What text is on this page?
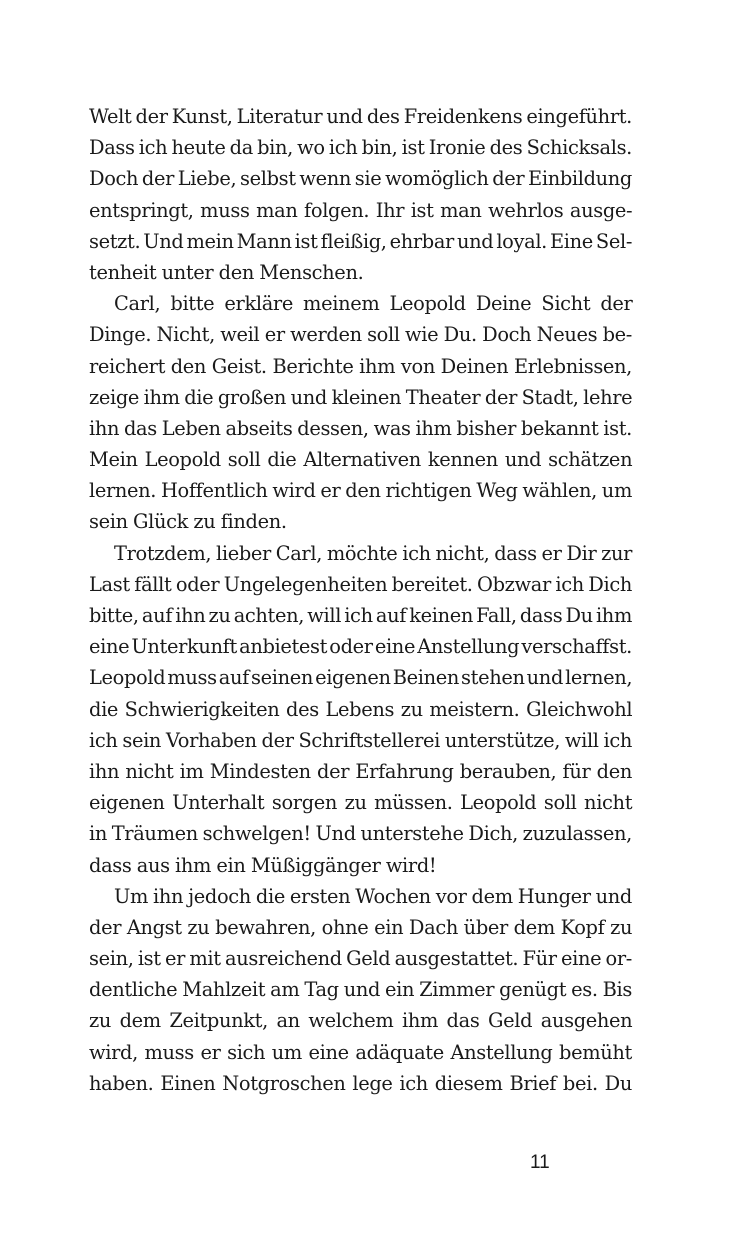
Welt der Kunst, Literatur und des Freidenkens eingeführt.
Dass ich heute da bin, wo ich bin, ist Ironie des Schicksals.
Doch der Liebe, selbst wenn sie womöglich der Einbildung
entspringt, muss man folgen. Ihr ist man wehrlos ausge-
setzt. Und mein Mann ist fleißig, ehrbar und loyal. Eine Sel-
tenheit unter den Menschen.
Carl, bitte erkläre meinem Leopold Deine Sicht der
Dinge. Nicht, weil er werden soll wie Du. Doch Neues be-
reichert den Geist. Berichte ihm von Deinen Erlebnissen,
zeige ihm die großen und kleinen Theater der Stadt, lehre
ihn das Leben abseits dessen, was ihm bisher bekannt ist.
Mein Leopold soll die Alternativen kennen und schätzen
lernen. Hoffentlich wird er den richtigen Weg wählen, um
sein Glück zu finden.
Trotzdem, lieber Carl, möchte ich nicht, dass er Dir zur
Last fällt oder Ungelegenheiten bereitet. Obzwar ich Dich
bitte, auf ihn zu achten, will ich auf keinen Fall, dass Du ihm
eine Unterkunft anbietest oder eine Anstellung verschaffst.
Leopold muss auf seinen eigenen Beinen stehen und lernen,
die Schwierigkeiten des Lebens zu meistern. Gleichwohl
ich sein Vorhaben der Schriftstellerei unterstütze, will ich
ihn nicht im Mindesten der Erfahrung berauben, für den
eigenen Unterhalt sorgen zu müssen. Leopold soll nicht
in Träumen schwelgen! Und unterstehe Dich, zuzulassen,
dass aus ihm ein Müßiggänger wird!
Um ihn jedoch die ersten Wochen vor dem Hunger und
der Angst zu bewahren, ohne ein Dach über dem Kopf zu
sein, ist er mit ausreichend Geld ausgestattet. Für eine or-
dentliche Mahlzeit am Tag und ein Zimmer genügt es. Bis
zu dem Zeitpunkt, an welchem ihm das Geld ausgehen
wird, muss er sich um eine adäquate Anstellung bemüht
haben. Einen Notgroschen lege ich diesem Brief bei. Du
11
